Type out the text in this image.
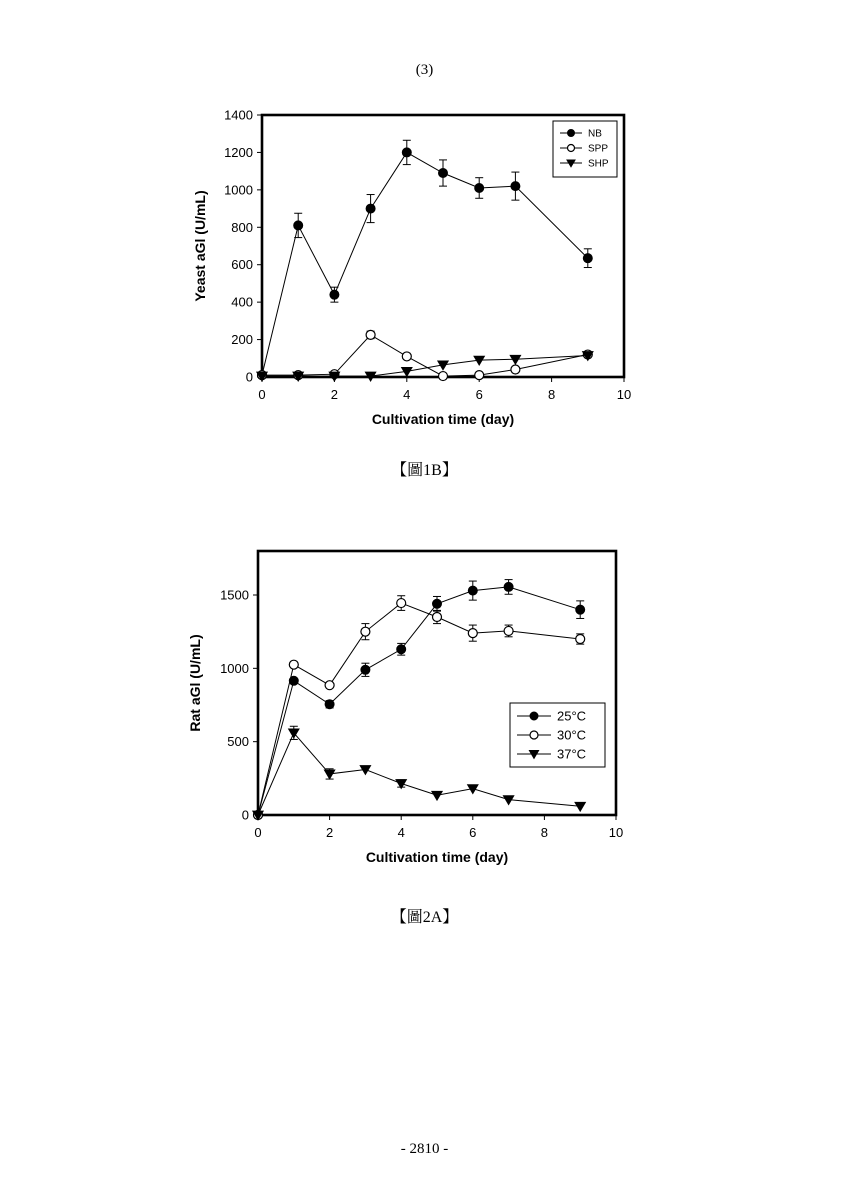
(3)
0
200
400
600
800
1000
1200
1400
0	2	4	6	8	10
Cultivation time (day)
Yeast aGl (U/mL)
NB
SPP
SHP
【圖1B】
0
500
1000
1500
0	2	4	6	8	10
Cultivation time (day)
Rat aGl (U/mL)	25°C
30°C
37°C
【圖2A】
- 2810 -
